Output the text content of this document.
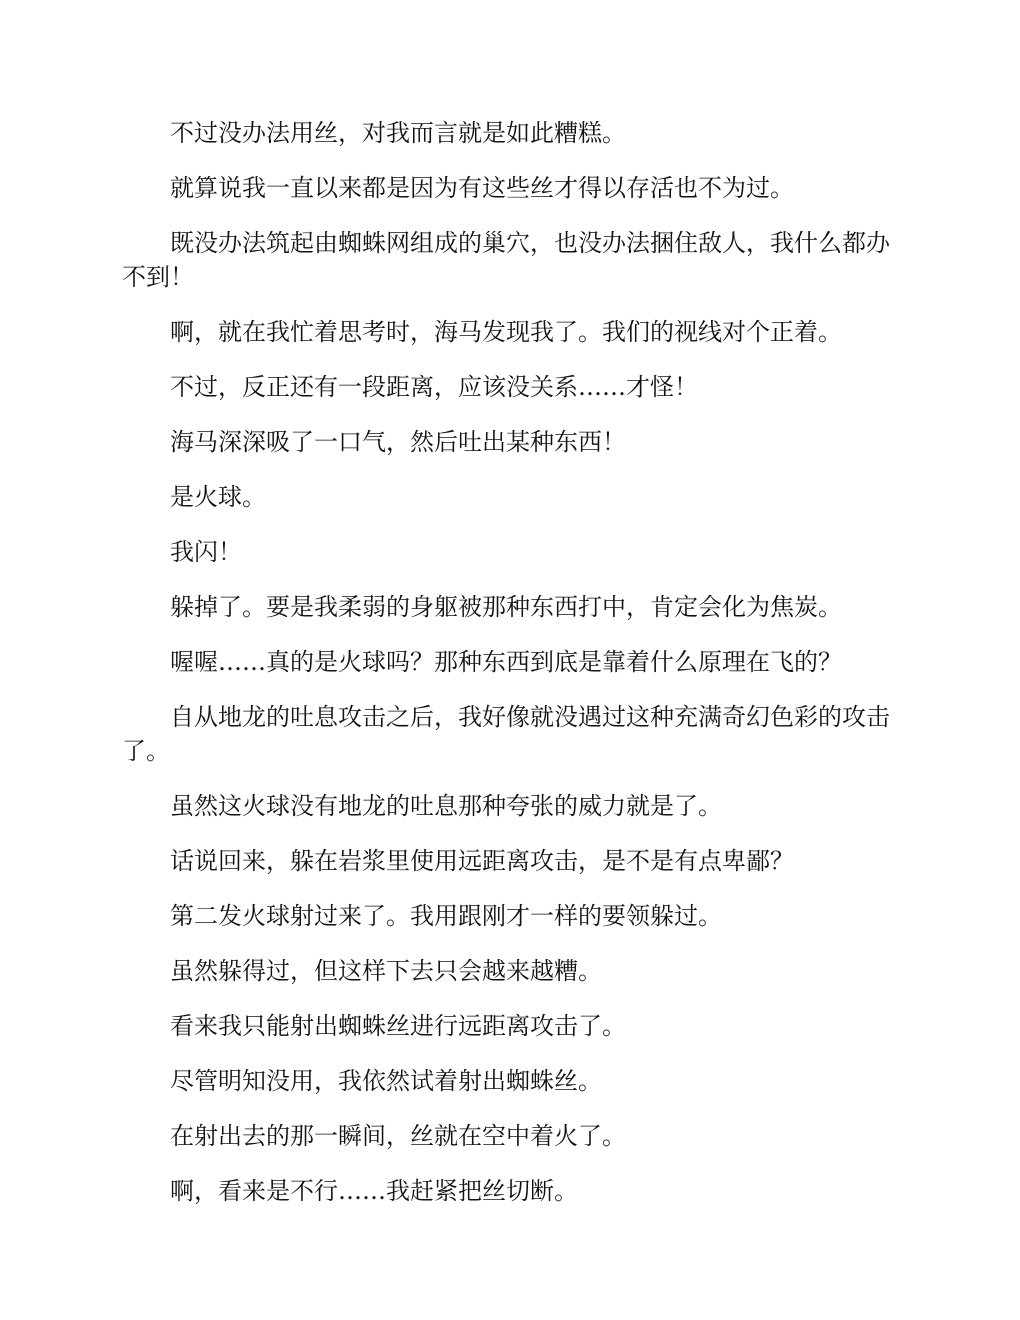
不过没办法用丝，对我而言就是如此糟糕。

就算说我一直以来都是因为有这些丝才得以存活也不为过。

既没办法筑起由蜘蛛网组成的巢穴，也没办法捆住敌人，我什么都办不到！

啊，就在我忙着思考时，海马发现我了。我们的视线对个正着。

不过，反正还有一段距离，应该没关系……才怪！

海马深深吸了一口气，然后吐出某种东西！

是火球。

我闪！

躲掉了。要是我柔弱的身躯被那种东西打中，肯定会化为焦炭。

喔喔……真的是火球吗？那种东西到底是靠着什么原理在飞的？

自从地龙的吐息攻击之后，我好像就没遇过这种充满奇幻色彩的攻击了。

虽然这火球没有地龙的吐息那种夸张的威力就是了。

话说回来，躲在岩浆里使用远距离攻击，是不是有点卑鄙？

第二发火球射过来了。我用跟刚才一样的要领躲过。

虽然躲得过，但这样下去只会越来越糟。

看来我只能射出蜘蛛丝进行远距离攻击了。

尽管明知没用，我依然试着射出蜘蛛丝。

在射出去的那一瞬间，丝就在空中着火了。

啊，看来是不行……我赶紧把丝切断。
